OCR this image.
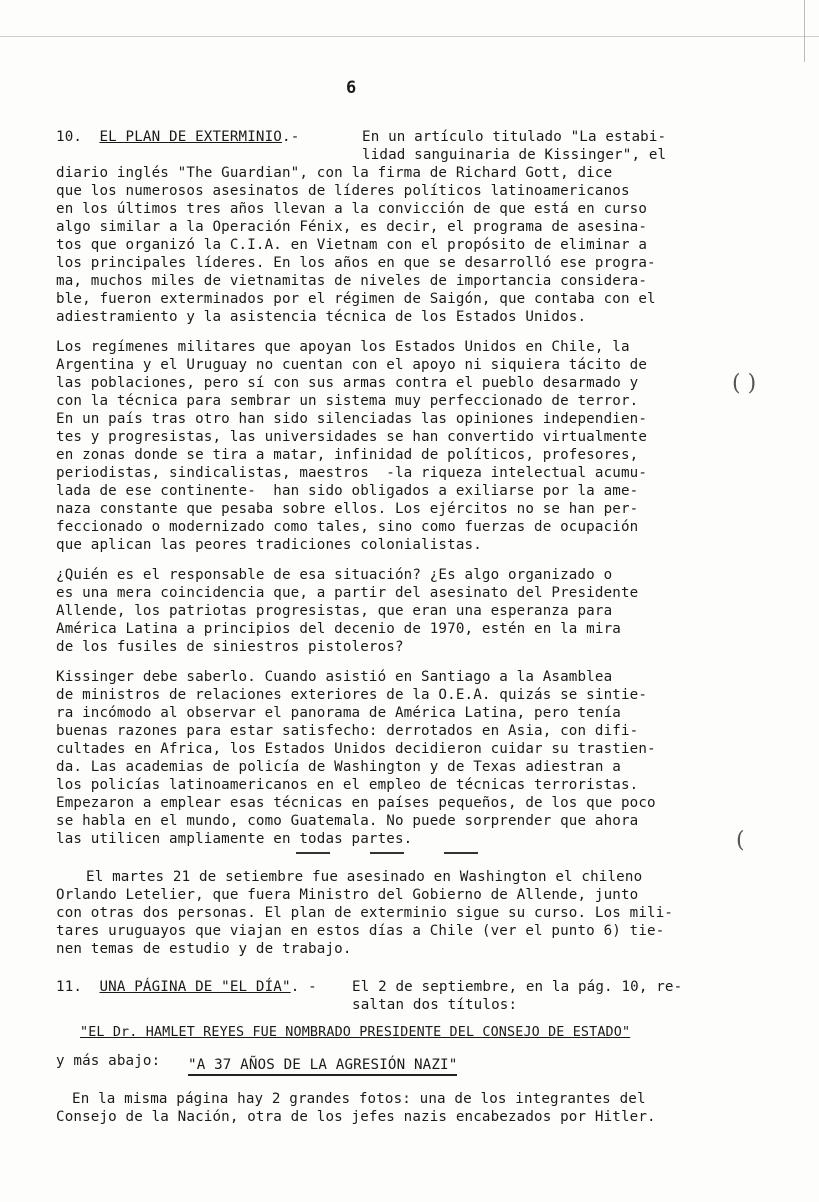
6
10. EL PLAN DE EXTERMINIO.-	En un artículo titulado "La estabi-
lidad sanguinaria de Kissinger", el
diario inglés "The Guardian", con la firma de Richard Gott, dice
que los numerosos asesinatos de líderes políticos latinoamericanos
en los últimos tres años llevan a la convicción de que está en curso
algo similar a la Operación Fénix, es decir, el programa de asesina-
tos que organizó la C.I.A. en Vietnam con el propósito de eliminar a
los principales líderes. En los años en que se desarrolló ese progra-
ma, muchos miles de vietnamitas de niveles de importancia considera-
ble, fueron exterminados por el régimen de Saigón, que contaba con el
adiestramiento y la asistencia técnica de los Estados Unidos.
Los regímenes militares que apoyan los Estados Unidos en Chile, la
Argentina y el Uruguay no cuentan con el apoyo ni siquiera tácito de
las poblaciones, pero sí con sus armas contra el pueblo desarmado y
con la técnica para sembrar un sistema muy perfeccionado de terror.
En un país tras otro han sido silenciadas las opiniones independien-
tes y progresistas, las universidades se han convertido virtualmente
en zonas donde se tira a matar, infinidad de políticos, profesores,
periodistas, sindicalistas, maestros  -la riqueza intelectual acumu-
lada de ese continente-  han sido obligados a exiliarse por la ame-
naza constante que pesaba sobre ellos. Los ejércitos no se han per-
feccionado o modernizado como tales, sino como fuerzas de ocupación
que aplican las peores tradiciones colonialistas.
( )
¿Quién es el responsable de esa situación? ¿Es algo organizado o
es una mera coincidencia que, a partir del asesinato del Presidente
Allende, los patriotas progresistas, que eran una esperanza para
América Latina a principios del decenio de 1970, estén en la mira
de los fusiles de siniestros pistoleros?
Kissinger debe saberlo. Cuando asistió en Santiago a la Asamblea
de ministros de relaciones exteriores de la O.E.A. quizás se sintie-
ra incómodo al observar el panorama de América Latina, pero tenía
buenas razones para estar satisfecho: derrotados en Asia, con difi-
cultades en Africa, los Estados Unidos decidieron cuidar su trastien-
da. Las academias de policía de Washington y de Texas adiestran a
los policías latinoamericanos en el empleo de técnicas terroristas.
Empezaron a emplear esas técnicas en países pequeños, de los que poco
se habla en el mundo, como Guatemala. No puede sorprender que ahora
las utilicen ampliamente en todas partes.	(
El martes 21 de setiembre fue asesinado en Washington el chileno
Orlando Letelier, que fuera Ministro del Gobierno de Allende, junto
con otras dos personas. El plan de exterminio sigue su curso. Los mili-
tares uruguayos que viajan en estos días a Chile (ver el punto 6) tie-
nen temas de estudio y de trabajo.
11. UNA PÁGINA DE "EL DÍA". - El 2 de septiembre, en la pág. 10, re-
saltan dos títulos:
"EL Dr. HAMLET REYES FUE NOMBRADO PRESIDENTE DEL CONSEJO DE ESTADO"
y más abajo: "A 37 AÑOS DE LA AGRESIÓN NAZI"
En la misma página hay 2 grandes fotos: una de los integrantes del
Consejo de la Nación, otra de los jefes nazis encabezados por Hitler.
